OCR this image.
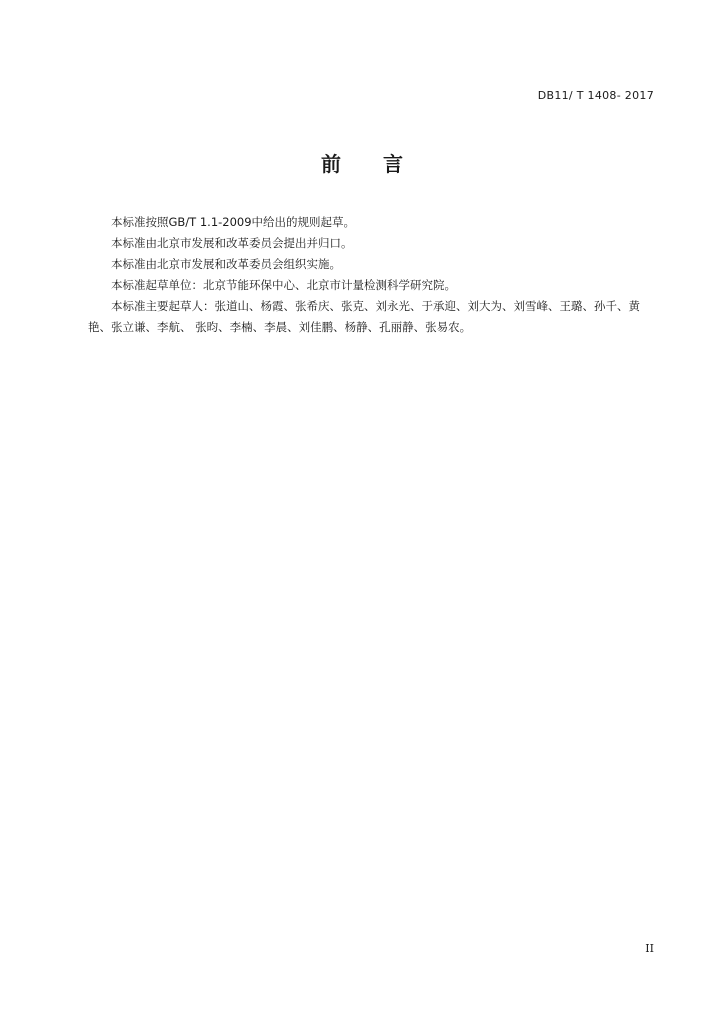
DB11/ T 1408- 2017
前言

本标准按照GB/T 1.1-2009中给出的规则起草。

本标准由北京市发展和改革委员会提出并归口。

本标准由北京市发展和改革委员会组织实施。

本标准起草单位：北京节能环保中心、北京市计量检测科学研究院。

本标准主要起草人：张道山、杨霞、张希庆、张克、刘永光、于承迎、刘大为、刘雪峰、王璐、孙千、黄艳、张立谦、李航、 张昀、李楠、李晨、刘佳鹏、杨静、孔丽静、张易农。

II
